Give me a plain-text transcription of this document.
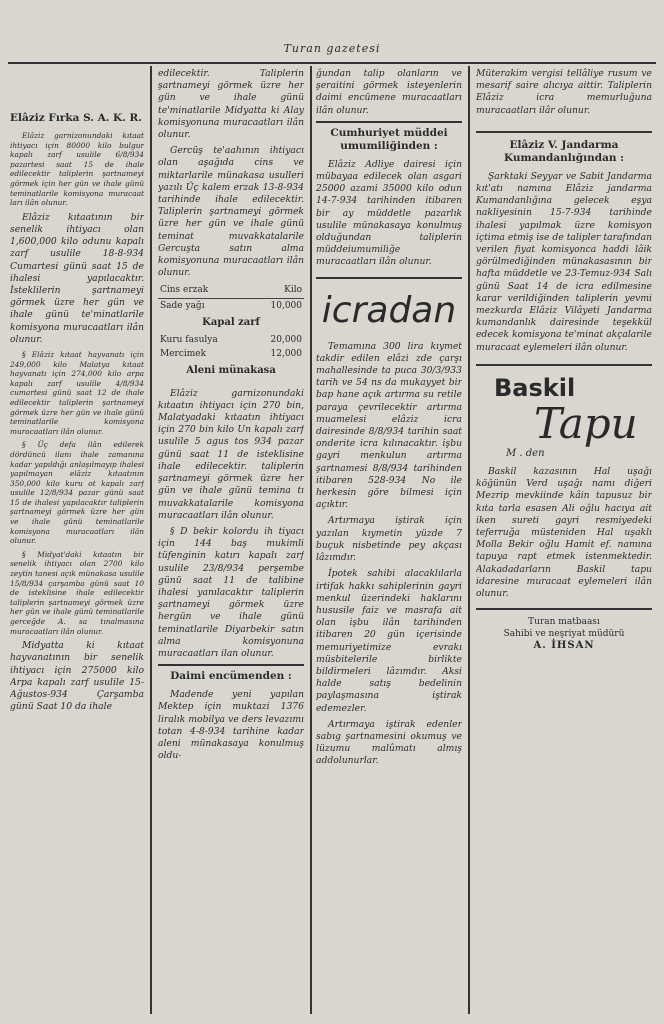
Turan gazetesi
Elâziz Fırka S. A. K. R.

Elâziz garnizonundaki kıtaat ihtiyacı için 80000 kilo bulgur kapalı zarf usulile 6/8/934 pazartesi saat 15 de ihale edilecektir taliplerin şartnameyi görmek için her gün ve ihale günü teminatlarile komisyona muracaat ları ilân olunur.

Elâziz kıtaatının bir senelik ihtiyacı olan 1,600,000 kilo odunu kapalı zarf usulile 18-8-934 Cumartesi günü saat 15 de ihalesi yapılacaktır. İsteklilerin şartnameyi görmek üzre her gün ve ihale günü te'minatlarile komisyona muracaatları ilân olunur.

§ Elâziz kıtaat hayvanatı için 249,000 kilo Malatya kıtaat hayvanatı için 274,000 kilo arpa kapalı zarf usulile 4/8/934 cumartesi günü saat 12 de ihale edilecektir taliplerin şartnameyi görmek üzre her gün ve ihale günü teminatlarile komisyona muracaatları ilân olunur.

§ Üç defa ilân edilerek dördüncü ilanı ihale zamanına kadar yapıldığı anlaşılmayıp ihalesi yapılmayan elâziz kıtaatının 350,000 kilo kuru ot kapalı zarf usulile 12/8/934 pazar günü saat 15 de ihalesi yapılacaktır taliplerin şartnameyi görmek üzre her gün ve ihale günü teminatlarile komisyona muracaatları ilân olunur.

§ Midyat'daki kıtaatın bir senelik ihtiyacı olan 2700 kilo zeytin tanesi açık münakasa usulile 15/8/934 çarşamba günü saat 10 de isteklisine ihale edilecektir taliplerin şartnameyi görmek üzre her gün ve ihale günü teminatlarile gerceğde A. sa tınalmasına muracaatları ilân olunur.

Midyatta ki kıtaat hayvanatının bir senelik ihtiyacı için 275000 kilo Arpa kapalı zarf usulile 15-Ağustos-934 Çarşamba günü Saat 10 da ihale

edilecektir. Taliplerin şartnameyi görmek üzre her gün ve ihale günü te'minatlarile Midyatta ki Alay komisyonuna muracaatları ilân olunur.

Gercüş te'aahının ihtiyacı olan aşağıda cins ve miktarlarile münakasa usulleri yazılı Üç kalem erzak 13-8-934 tarihinde ihale edilecektir. Taliplerin şartnameyi görmek üzre her gün ve ihale günü teminat muvakkatalarile Gercuşta satın alma komisyonuna muracaatları ilân olunur.

Cins erzak	Kilo
Sade yağı	10,000

Kapal zarf	

Kuru fasulya	20,000
Mercimek	12,000

Aleni münakasa	

Elâziz garnizonundaki kıtaatın ihtiyacı için 270 bin, Malatyadaki kıtaatın ihtiyacı için 270 bin kilo Un kapalı zarf usulile 5 agus tos 934 pazar günü saat 11 de isteklisine ihale edilecektir. taliplerin şartnameyi görmek üzre her gün ve ihale günü temina tı muvakkatalarile komisyona muracaatları ilân olunur.

§ D bekir kolordu ih tiyacı için 144 baş mukimli tüfenginin katırı kapalı zarf usulile 23/8/934 perşembe günü saat 11 de talibine ihalesi yanılacaktır taliplerin şartnameyi görmek üzre hergün ve ihale günü teminatlarile Diyarbekir satın alma komisyonuna muracaatları ilan olunur.

Daimi encümenden :

Madende yeni yapılan Mektep için muktazi 1376 liralık mobilya ve ders levazımı totan 4-8-934 tarihine kadar aleni münakasaya konulmuş oldu-

ğundan talip olanların ve şeraitini görmek isteyenlerin daimi encümene muracaatları ilân olunur.

Cumhuriyet müddei umumiliğinden :

Elâziz Adliye dairesi için mübayaa edilecek olan asgari 25000 azami 35000 kilo odun 14-7-934 tarihinden itibaren bir ay müddetle pazarlık usulile münakasaya konulmuş olduğundan taliplerin müddeiumumiliğe muracaatları ilân olunur.

icradan

Temamına 300 lira kıymet takdir edilen elâzi zde çarşı mahallesinde ta puca 30/3/933 tarih ve 54 ns da mukayyet bir bap hane açık artırma su retile paraya çevrilecektir artırma muamelesi elâziz icra dairesinde 8/8/934 tarihin saat onderite icra kılınacaktır. işbu gayri menkulun artırma şartnamesi 8/8/934 tarihinden itibaren 528-934 No ile herkesin göre bilmesi için açıktır.

Artırmaya iştirak için yazılan kıymetin yüzde 7 buçuk nisbetinde pey akçası lâzımdır.

İpotek sahibi alacaklılarla irtifak hakkı sahiplerinin gayri menkul üzerindeki haklarını hususile faiz ve masrafa ait olan işbu ilân tarihinden itibaren 20 gün içerisinde memuriyetimize evrakı müsbitelerile birlikte bildirmeleri lâzımdır. Aksi halde satış bedelinin paylaşmasına iştirak edemezler.

Artırmaya iştirak edenler sabıg şartnamesini okumuş ve lüzumu malûmatı almış addolunurlar.

Müterakim vergisi tellâliye rusum ve mesarif saire alıcıya aittir. Taliplerin Elâziz icra memurluğuna muracaatları ilâr olunur.

Elâziz V. Jandarma Kumandanlığından :

Şarktaki Seyyar ve Sabit Jandarma kıt'atı namına Elâziz jandarma Kumandanlığına gelecek eşya nakliyesinin 15-7-934 tarihinde ihalesi yapılmak üzre komisyon içtima etmiş ise de talipler tarafından verilen fiyat komisyonca haddi lâik görülmediğinden münakasasının bir hafta müddetle ve 23-Temuz-934 Salı günü Saat 14 de icra edilmesine karar verildiğinden taliplerin yevmi mezkurda Elâziz Vilâyeti Jandarma kumandanlık dairesinde teşekkül edecek komisyona te'minat akçalarile muracaat eylemeleri ilân olunur.

Baskil
Tapu
M . den

Baskil kazasının Hal uşağı köğünün Verd uşağı namı diğeri Mezrip mevkiinde kâin tapusuz bir kıta tarla esasen Ali oğlu hacıya ait iken sureti gayri resmiyedeki teferruğa müsteniden Hal uşaklı Molla Bekir oğlu Hamit ef. namına tapuya rapt etmek istenmektedir. Alakadadarların Baskil tapu idaresine muracaat eylemeleri ilân olunur.

Turan matbaası
Sahibi ve neşriyat müdürü
A. İHSAN
